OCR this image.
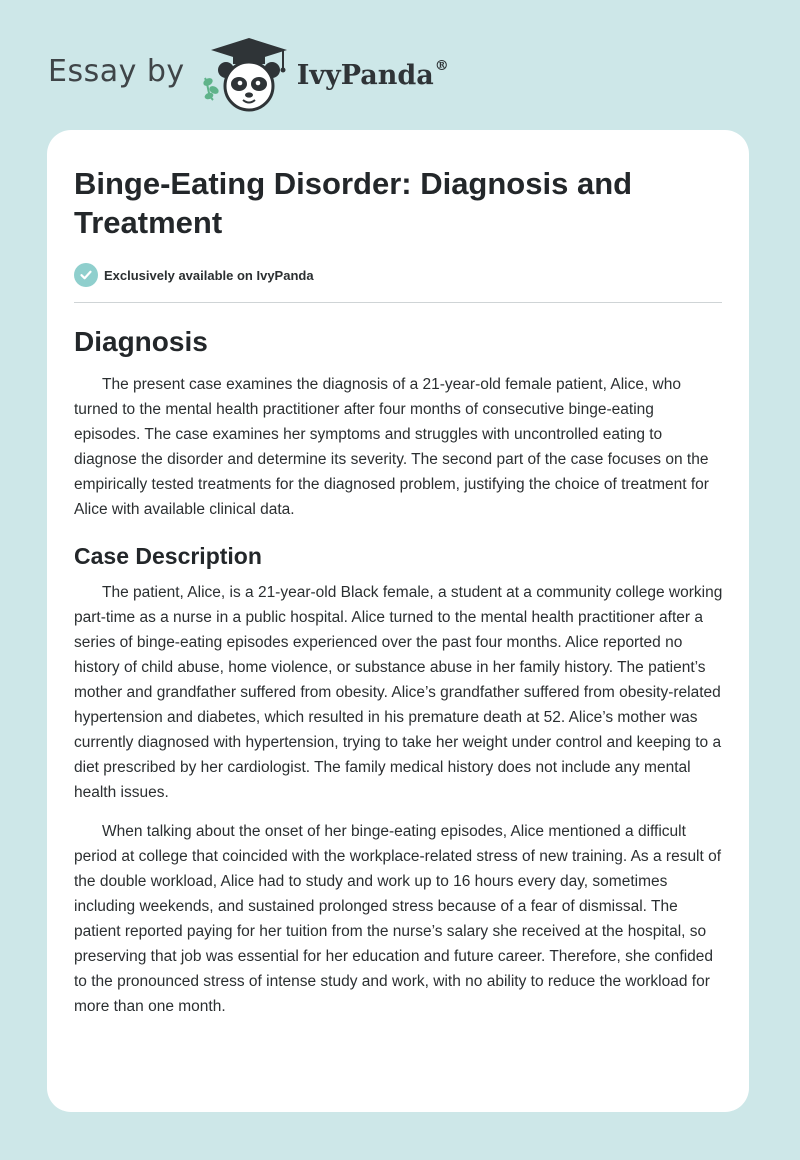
Essay by	IvyPanda®
Binge-Eating Disorder: Diagnosis and Treatment
Exclusively available on IvyPanda
Diagnosis

The present case examines the diagnosis of a 21-year-old female patient, Alice, who turned to the mental health practitioner after four months of consecutive binge-eating episodes. The case examines her symptoms and struggles with uncontrolled eating to diagnose the disorder and determine its severity. The second part of the case focuses on the empirically tested treatments for the diagnosed problem, justifying the choice of treatment for Alice with available clinical data.

Case Description

The patient, Alice, is a 21-year-old Black female, a student at a community college working part-time as a nurse in a public hospital. Alice turned to the mental health practitioner after a series of binge-eating episodes experienced over the past four months. Alice reported no history of child abuse, home violence, or substance abuse in her family history. The patient’s mother and grandfather suffered from obesity. Alice’s grandfather suffered from obesity-related hypertension and diabetes, which resulted in his premature death at 52. Alice’s mother was currently diagnosed with hypertension, trying to take her weight under control and keeping to a diet prescribed by her cardiologist. The family medical history does not include any mental health issues.

When talking about the onset of her binge-eating episodes, Alice mentioned a difficult period at college that coincided with the workplace-related stress of new training. As a result of the double workload, Alice had to study and work up to 16 hours every day, sometimes including weekends, and sustained prolonged stress because of a fear of dismissal. The patient reported paying for her tuition from the nurse’s salary she received at the hospital, so preserving that job was essential for her education and future career. Therefore, she confided to the pronounced stress of intense study and work, with no ability to reduce the workload for more than one month.
